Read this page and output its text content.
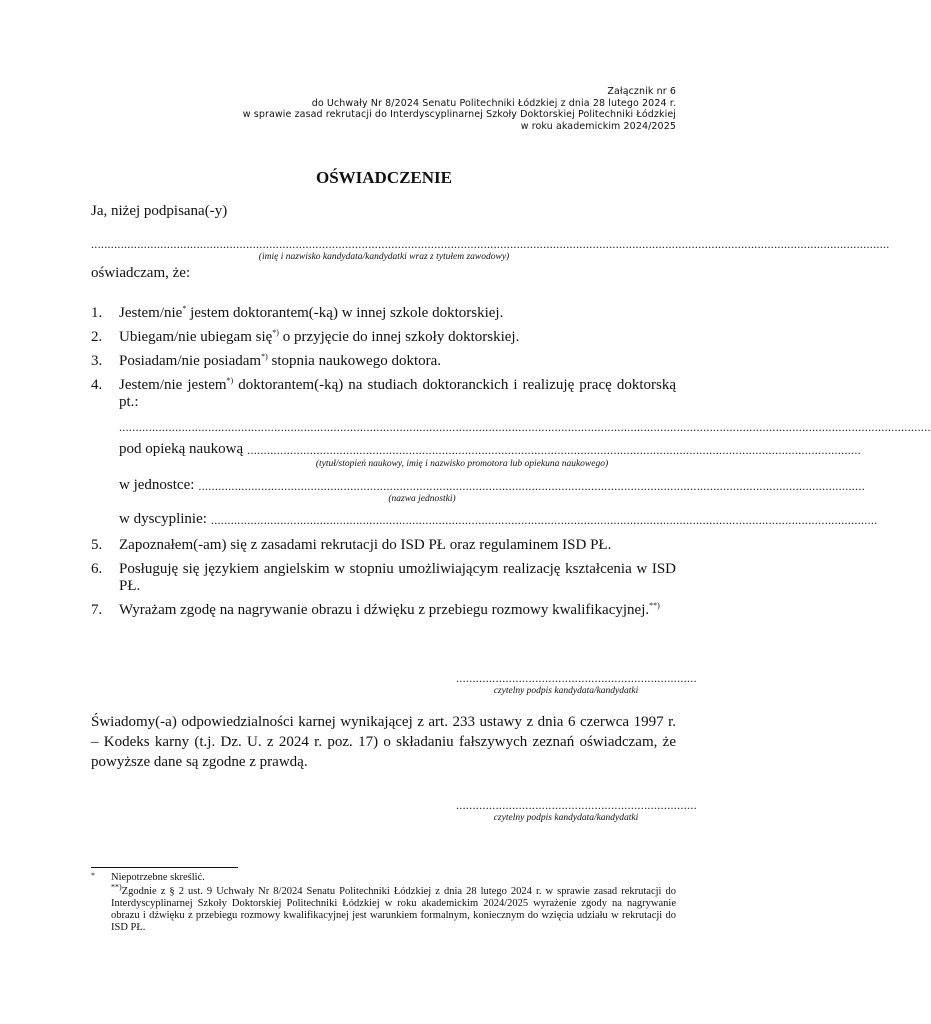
Załącznik nr 6
do Uchwały Nr 8/2024 Senatu Politechniki Łódzkiej z dnia 28 lutego 2024 r.
w sprawie zasad rekrutacji do Interdyscyplinarnej Szkoły Doktorskiej Politechniki Łódzkiej
w roku akademickim 2024/2025
OŚWIADCZENIE
Ja, niżej podpisana(-y)
..................................................................................................................................................................................................................................................
(imię i nazwisko kandydata/kandydatki wraz z tytułem zawodowy)
oświadczam, że:
1. Jestem/nie* jestem doktorantem(-ką) w innej szkole doktorskiej.
2. Ubiegam/nie ubiegam się*) o przyjęcie do innej szkoły doktorskiej.
3. Posiadam/nie posiadam*) stopnia naukowego doktora.
4. Jestem/nie jestem*) doktorantem(-ką) na studiach doktoranckich i realizuję pracę doktorską pt.:
......................................................................................................................................................................................................................................................
pod opieką naukową ..........................................................................................................................................................................................
(tytuł/stopień naukowy, imię i nazwisko promotora lub opiekuna naukowego)
w jednostce: ..........................................................................................................................................................................................................
(nazwa jednostki)
w dyscyplinie: ..........................................................................................................................................................................................................
5. Zapoznałem(-am) się z zasadami rekrutacji do ISD PŁ oraz regulaminem ISD PŁ.
6. Posługuję się językiem angielskim w stopniu umożliwiającym realizację kształcenia w ISD PŁ.
7. Wyrażam zgodę na nagrywanie obrazu i dźwięku z przebiegu rozmowy kwalifikacyjnej.**)
.........................................................................
czytelny podpis kandydata/kandydatki
Świadomy(-a) odpowiedzialności karnej wynikającej z art. 233 ustawy z dnia 6 czerwca 1997 r. – Kodeks karny (t.j. Dz. U. z 2024 r. poz. 17) o składaniu fałszywych zeznań oświadczam, że powyższe dane są zgodne z prawdą.
.........................................................................
czytelny podpis kandydata/kandydatki
* Niepotrzebne skreślić.
**)Zgodnie z § 2 ust. 9 Uchwały Nr 8/2024 Senatu Politechniki Łódzkiej z dnia 28 lutego 2024 r. w sprawie zasad rekrutacji do Interdyscyplinarnej Szkoły Doktorskiej Politechniki Łódzkiej w roku akademickim 2024/2025 wyrażenie zgody na nagrywanie obrazu i dźwięku z przebiegu rozmowy kwalifikacyjnej jest warunkiem formalnym, koniecznym do wzięcia udziału w rekrutacji do ISD PŁ.
